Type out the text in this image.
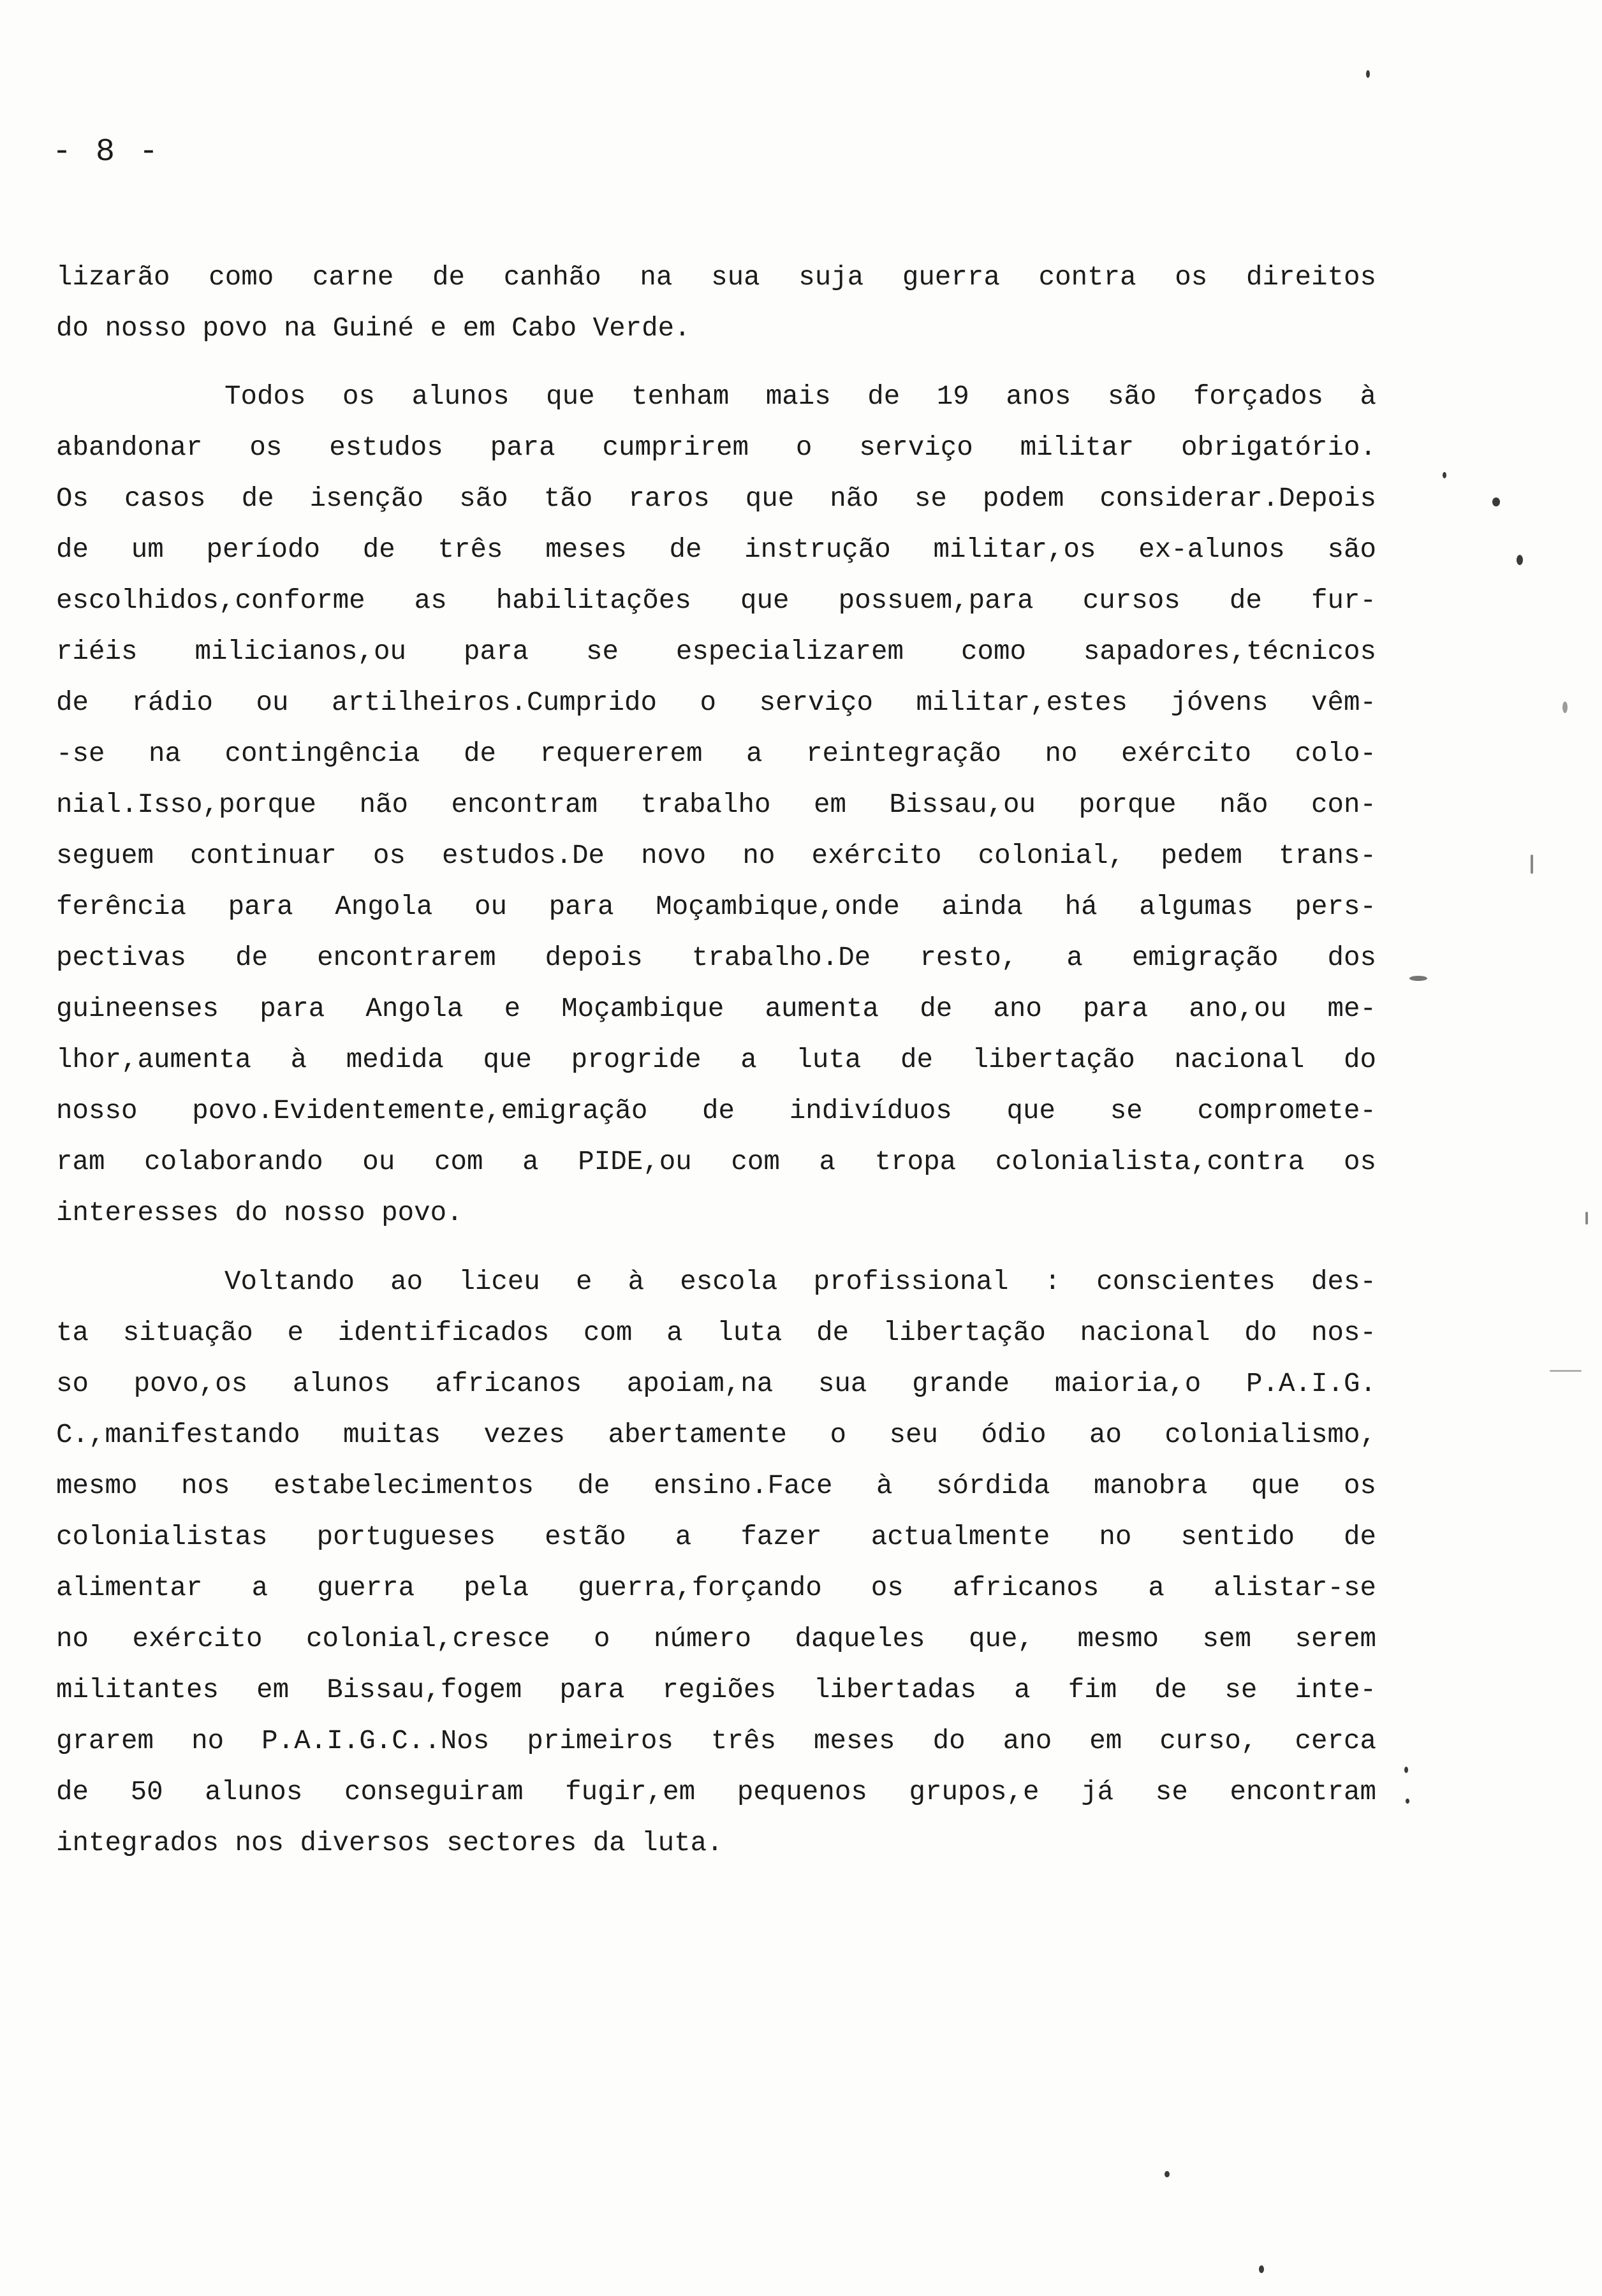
- 8 -
lizarão como carne de canhão na sua suja guerra contra os direitos
do nosso povo na Guiné e em Cabo Verde.
Todos os alunos que tenham mais de 19 anos são forçados à
abandonar os estudos para cumprirem o serviço militar obrigatório.
Os casos de isenção são tão raros que não se podem considerar.Depois
de um período de três meses de instrução militar,os ex-alunos são
escolhidos,conforme as habilitações que possuem,para cursos de fur-
riéis milicianos,ou para se especializarem como sapadores,técnicos
de rádio ou artilheiros.Cumprido o serviço militar,estes jóvens vêm-
-se na contingência de requererem a reintegração no exército colo-
nial.Isso,porque não encontram trabalho em Bissau,ou porque não con-
seguem continuar os estudos.De novo no exército colonial, pedem trans-
ferência para Angola ou para Moçambique,onde ainda há algumas pers-
pectivas de encontrarem depois trabalho.De resto, a emigração dos
guineenses para Angola e Moçambique aumenta de ano para ano,ou me-
lhor,aumenta à medida que progride a luta de libertação nacional do
nosso povo.Evidentemente,emigração de indivíduos que se comprometе-
ram colaborando ou com a PIDE,ou com a tropa colonialista,contra os
interesses do nosso povo.
Voltando ao liceu e à escola profissional : conscientes des-
ta situação e identificados com a luta de libertação nacional do nos-
so povo,os alunos africanos apoiam,na sua grande maioria,o P.A.I.G.
C.,manifestando muitas vezes abertamente o seu ódio ao colonialismo,
mesmo nos estabelecimentos de ensino.Face à sórdida manobra que os
colonialistas portugueses estão a fazer actualmente no sentido de
alimentar a guerra pela guerra,forçando os africanos a alistar-se
no exército colonial,cresce o número daqueles que, mesmo sem serem
militantes em Bissau,fogem para regiões libertadas a fim de se inte-
grarem no P.A.I.G.C..Nos primeiros três meses do ano em curso, cerca
de 50 alunos conseguiram fugir,em pequenos grupos,e já se encontram
integrados nos diversos sectores da luta.
